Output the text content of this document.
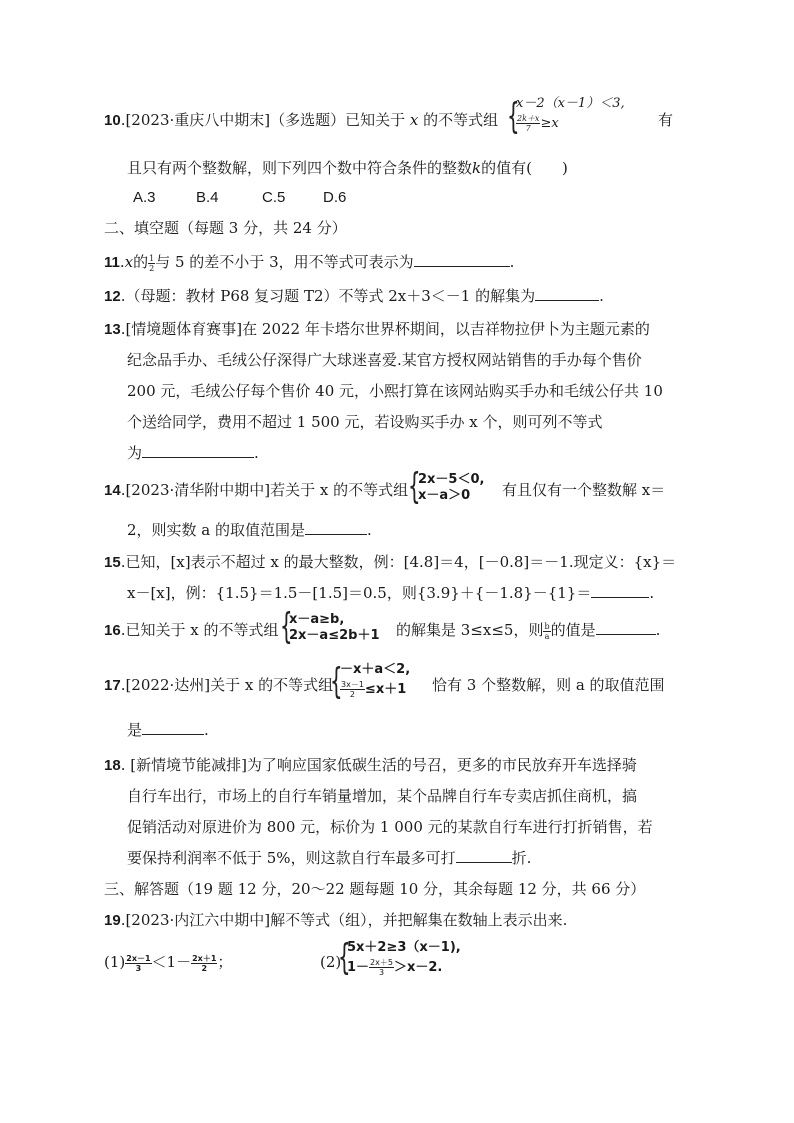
10.[2023·重庆八中期末]（多选题）已知关于 x 的不等式组 {
x－2（x－1）＜3,
$\frac{2k+x}{7} \ge x$	有
且只有两个整数解，则下列四个数中符合条件的整数k的值有(　　)
A.3	B.4	C.5	D.6
二、填空题（每题 3 分，共 24 分）
11.x的 $\frac{1}{2}$ 与 5 的差不小于 3，用不等式可表示为	.
12.（母题：教材 P68 复习题 T2）不等式 2x＋3＜－1 的解集为	.
13.[情境题体育赛事]在 2022 年卡塔尔世界杯期间，以吉祥物拉伊卜为主题元素的
纪念品手办、毛绒公仔深得广大球迷喜爱.某官方授权网站销售的手办每个售价
200 元，毛绒公仔每个售价 40 元，小熙打算在该网站购买手办和毛绒公仔共 10
个送给同学，费用不超过 1 500 元，若设购买手办 x 个，则可列不等式
为	.
14.[2023·清华附中期中]若关于 x 的不等式组 {
2x－5＜0,
x－a＞0 有且仅有一个整数解 x＝
2，则实数 a 的取值范围是	.
15.已知，[x]表示不超过 x 的最大整数，例：[4.8]＝4，[－0.8]＝－1.现定义：{x}＝
x－[x]，例：{1.5}＝1.5－[1.5]＝0.5，则{3.9}＋{－1.8}－{1}＝	.
16.已知关于 x 的不等式组 {
x－a≥b,
2x－a≤2b＋1 的解集是 3≤x≤5，则 $\frac{b}{a}$ 的值是	.
17.[2022·达州]关于 x 的不等式组
{
－x＋a＜2,
$\frac{3x-1}{2} \le x+1$ 恰有 3 个整数解，则 a 的取值范围
是	.
18. [新情境节能减排]为了响应国家低碳生活的号召，更多的市民放弃开车选择骑
自行车出行，市场上的自行车销量增加，某个品牌自行车专卖店抓住商机，搞
促销活动对原进价为 800 元，标价为 1 000 元的某款自行车进行打折销售，若
要保持利润率不低于 5%，则这款自行车最多可打	折.
三、解答题（19 题 12 分，20～22 题每题 10 分，其余每题 12 分，共 66 分）
19.[2023·内江六中期中]解不等式（组），并把解集在数轴上表示出来.
$(1) \frac{2x-1}{3} <1- \frac{2x+1}{2}$ ；	(2)
{
5x＋2≥3（x－1),
$1- \frac{2x+5}{3} >x-2$.
